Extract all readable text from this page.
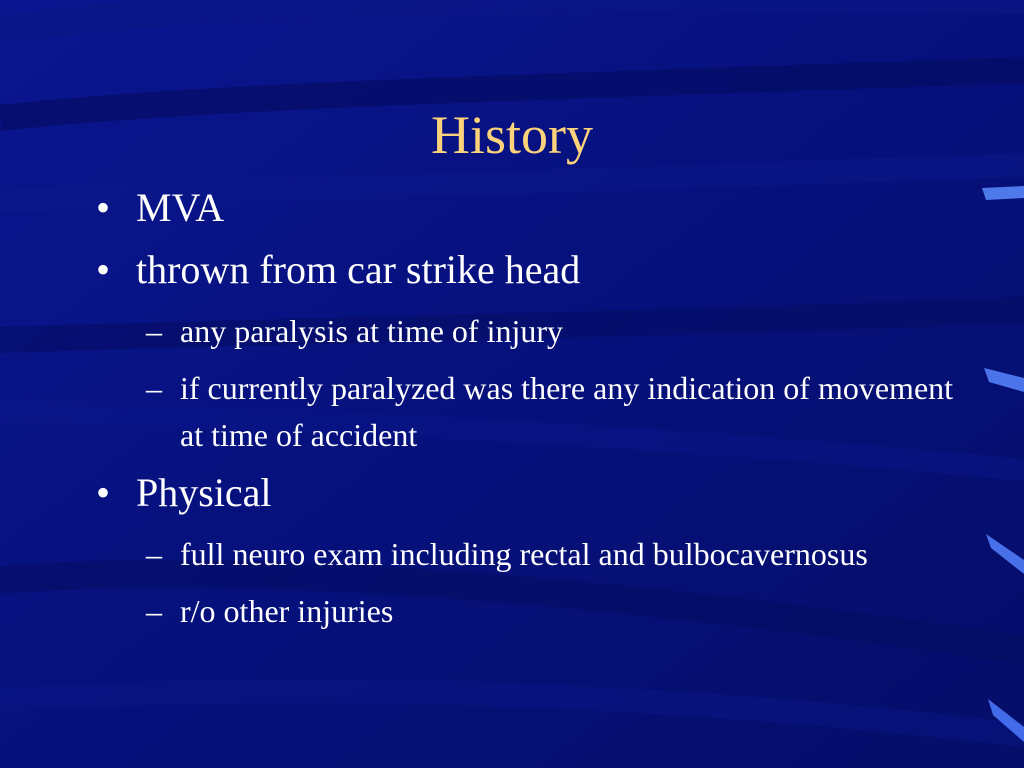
History
• MVA
• thrown from car strike head
– any paralysis at time of injury
– if currently paralyzed was there any indication of movement at time of accident
• Physical
– full neuro exam including rectal and bulbocavernosus
– r/o other injuries
